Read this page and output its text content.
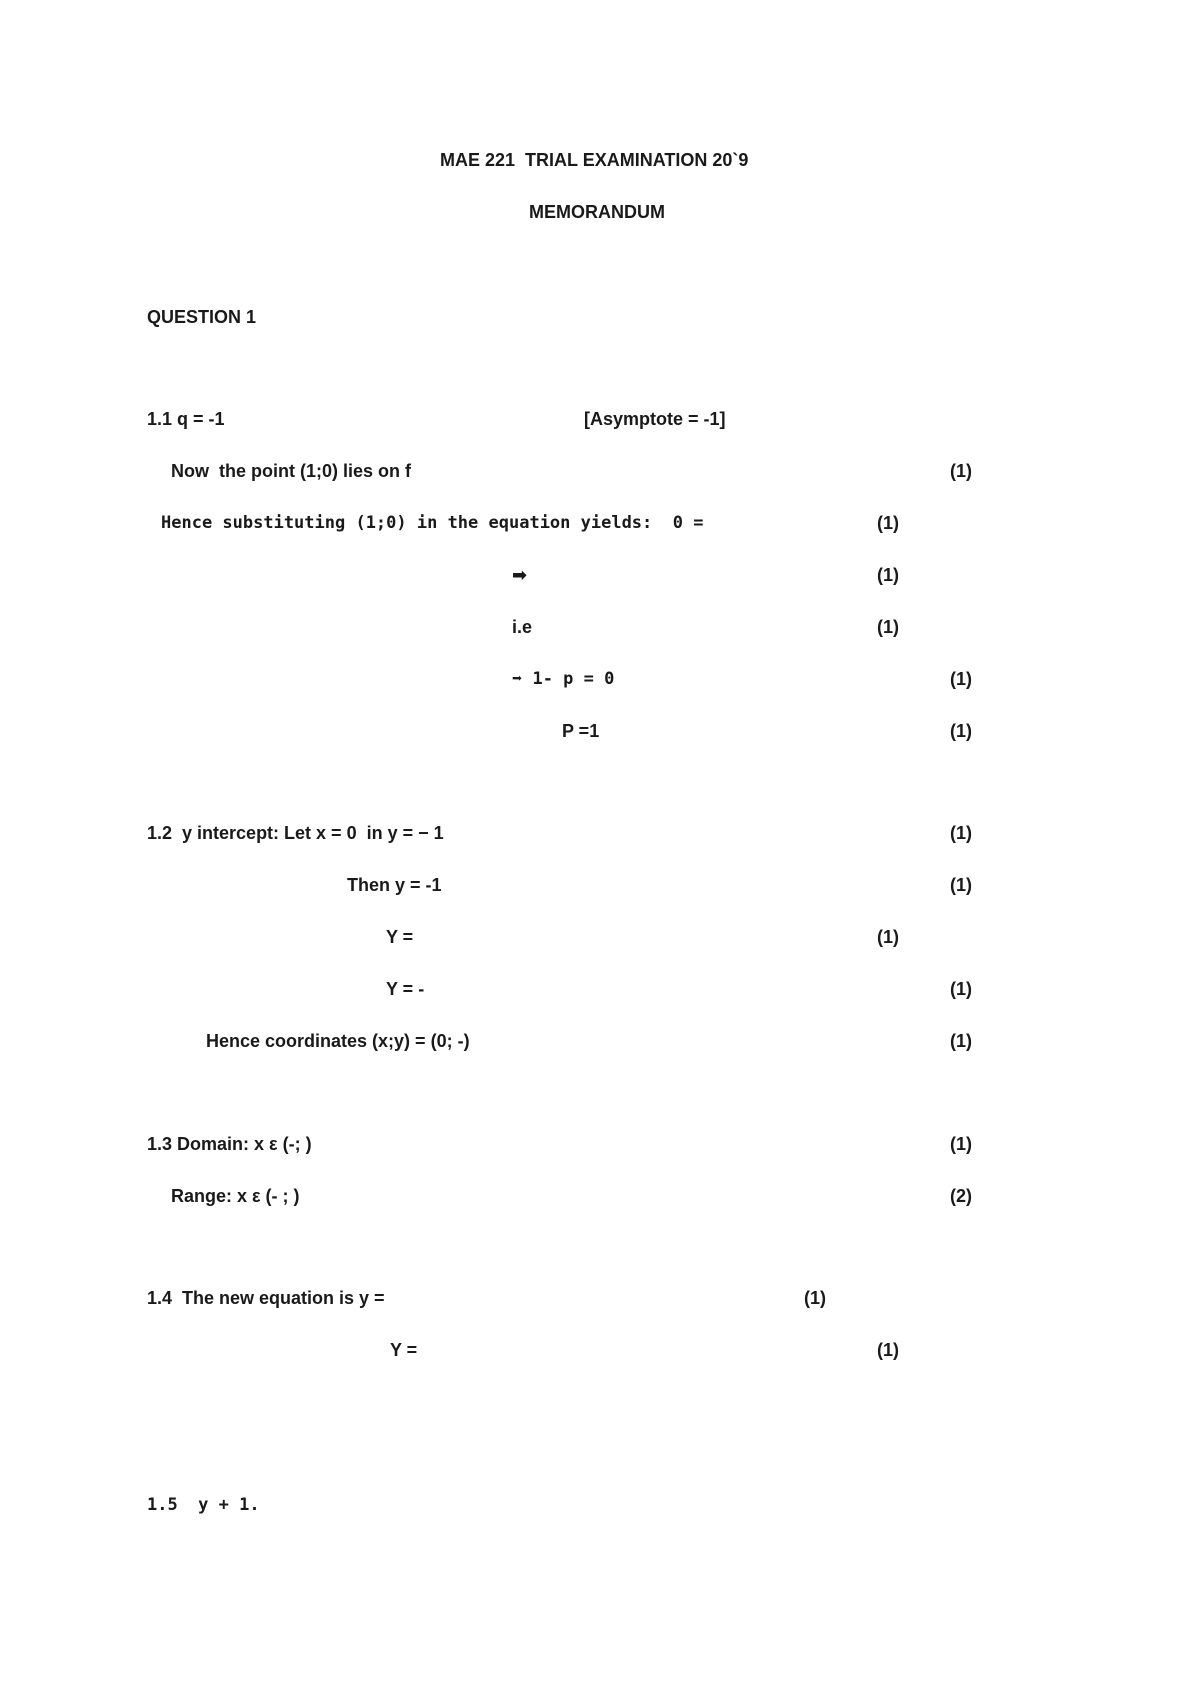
MAE 221  TRIAL EXAMINATION 20`9
MEMORANDUM
QUESTION 1
1.1 q = -1	[Asymptote = -1]
Now  the point (1;0) lies on f	(1)
Hence substituting (1;0) in the equation yields:  0 =	(1)
➡	(1)
i.e	(1)
➡ 1- p = 0	(1)
P =1	(1)
1.2  y intercept: Let x = 0  in y = − 1	(1)
Then y = -1	(1)
Y =	(1)
Y = -	(1)
Hence coordinates (x;y) = (0; -)	(1)
1.3 Domain: x ε (-; )	(1)
Range: x ε (- ; )	(2)
1.4  The new equation is y =	(1)
Y =	(1)
1.5  y + 1.
